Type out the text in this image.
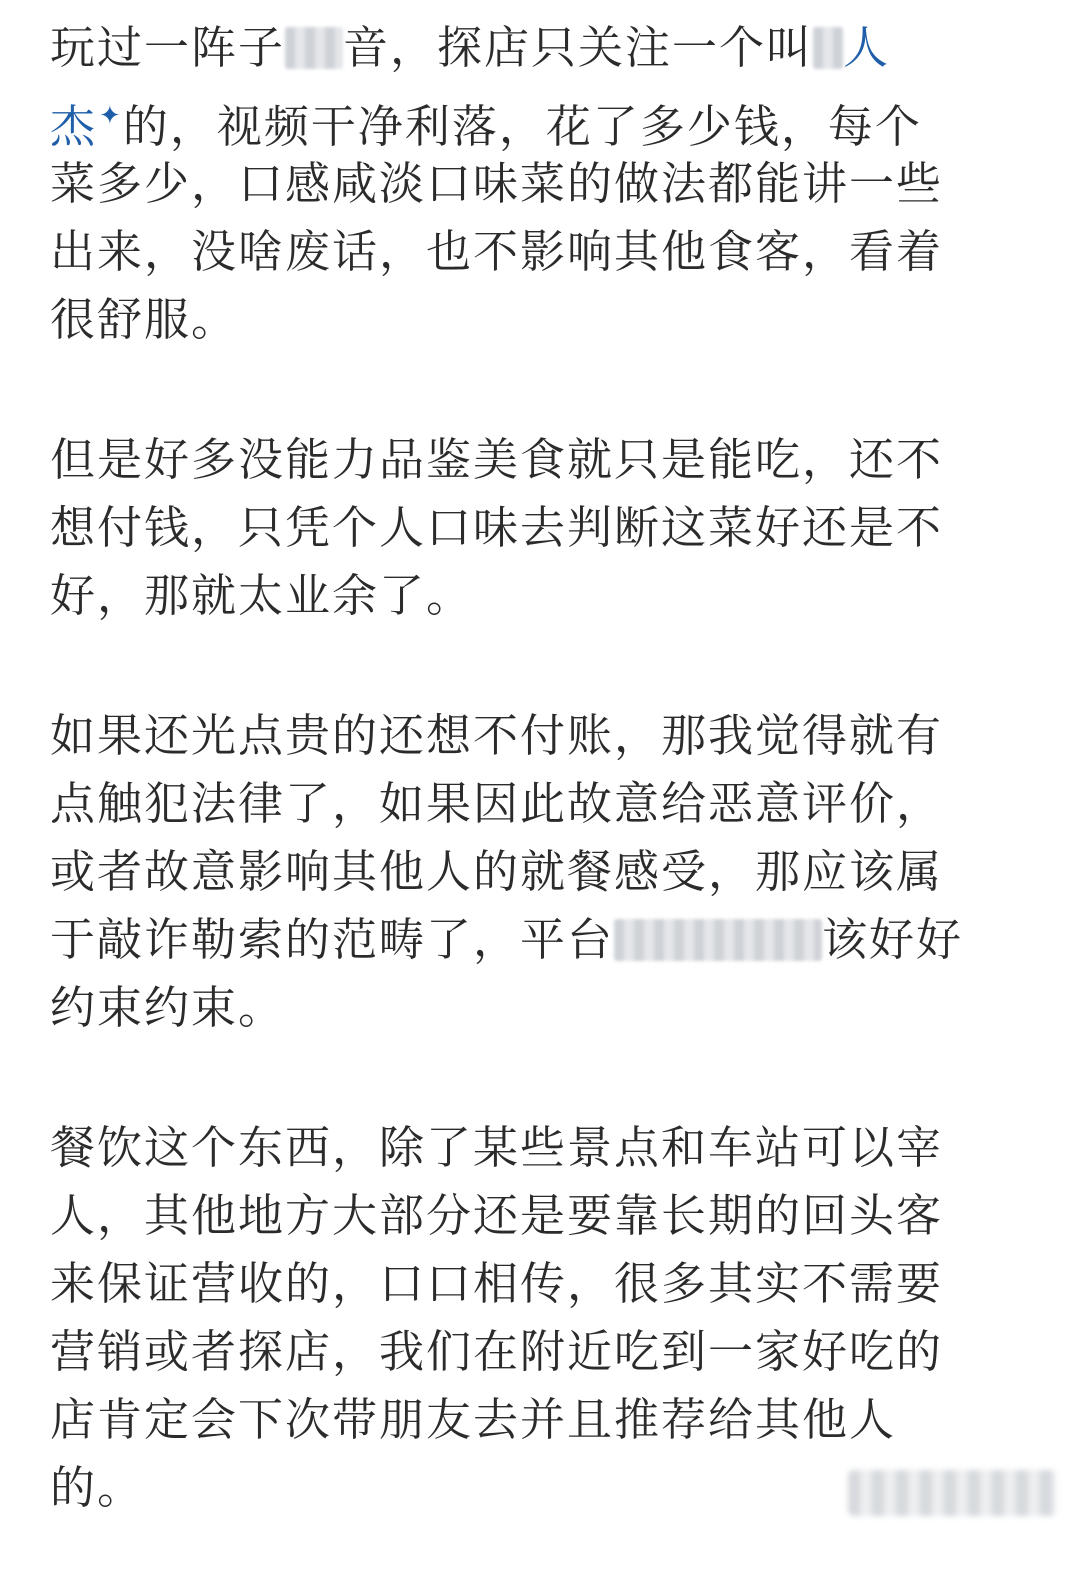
玩过一阵子 音，探店只关注一个叫 人
杰✦的，视频干净利落，花了多少钱，每个
菜多少，口感咸淡口味菜的做法都能讲一些
出来，没啥废话，也不影响其他食客，看着
很舒服。
但是好多没能力品鉴美食就只是能吃，还不
想付钱，只凭个人口味去判断这菜好还是不
好，那就太业余了。
如果还光点贵的还想不付账，那我觉得就有
点触犯法律了，如果因此故意给恶意评价，
或者故意影响其他人的就餐感受，那应该属
于敲诈勒索的范畴了，平台	该好好
约束约束。
餐饮这个东西，除了某些景点和车站可以宰
人，其他地方大部分还是要靠长期的回头客
来保证营收的，口口相传，很多其实不需要
营销或者探店，我们在附近吃到一家好吃的
店肯定会下次带朋友去并且推荐给其他人
的。
